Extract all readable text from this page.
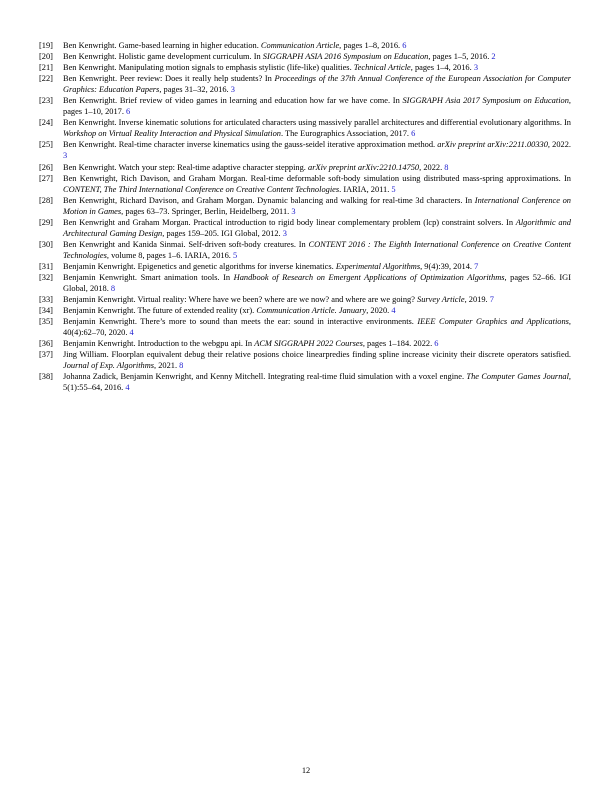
[19] Ben Kenwright. Game-based learning in higher education. Communication Article, pages 1–8, 2016. 6
[20] Ben Kenwright. Holistic game development curriculum. In SIGGRAPH ASIA 2016 Symposium on Education, pages 1–5, 2016. 2
[21] Ben Kenwright. Manipulating motion signals to emphasis stylistic (life-like) qualities. Technical Article, pages 1–4, 2016. 3
[22] Ben Kenwright. Peer review: Does it really help students? In Proceedings of the 37th Annual Conference of the European Association for Computer Graphics: Education Papers, pages 31–32, 2016. 3
[23] Ben Kenwright. Brief review of video games in learning and education how far we have come. In SIGGRAPH Asia 2017 Symposium on Education, pages 1–10, 2017. 6
[24] Ben Kenwright. Inverse kinematic solutions for articulated characters using massively parallel architectures and differential evolutionary algorithms. In Workshop on Virtual Reality Interaction and Physical Simulation. The Eurographics Association, 2017. 6
[25] Ben Kenwright. Real-time character inverse kinematics using the gauss-seidel iterative approximation method. arXiv preprint arXiv:2211.00330, 2022. 3
[26] Ben Kenwright. Watch your step: Real-time adaptive character stepping. arXiv preprint arXiv:2210.14750, 2022. 8
[27] Ben Kenwright, Rich Davison, and Graham Morgan. Real-time deformable soft-body simulation using distributed mass-spring approximations. In CONTENT, The Third International Conference on Creative Content Technologies. IARIA, 2011. 5
[28] Ben Kenwright, Richard Davison, and Graham Morgan. Dynamic balancing and walking for real-time 3d characters. In International Conference on Motion in Games, pages 63–73. Springer, Berlin, Heidelberg, 2011. 3
[29] Ben Kenwright and Graham Morgan. Practical introduction to rigid body linear complementary problem (lcp) constraint solvers. In Algorithmic and Architectural Gaming Design, pages 159–205. IGI Global, 2012. 3
[30] Ben Kenwright and Kanida Sinmai. Self-driven soft-body creatures. In CONTENT 2016 : The Eighth International Conference on Creative Content Technologies, volume 8, pages 1–6. IARIA, 2016. 5
[31] Benjamin Kenwright. Epigenetics and genetic algorithms for inverse kinematics. Experimental Algorithms, 9(4):39, 2014. 7
[32] Benjamin Kenwright. Smart animation tools. In Handbook of Research on Emergent Applications of Optimization Algorithms, pages 52–66. IGI Global, 2018. 8
[33] Benjamin Kenwright. Virtual reality: Where have we been? where are we now? and where are we going? Survey Article, 2019. 7
[34] Benjamin Kenwright. The future of extended reality (xr). Communication Article. January, 2020. 4
[35] Benjamin Kenwright. There’s more to sound than meets the ear: sound in interactive environments. IEEE Computer Graphics and Applications, 40(4):62–70, 2020. 4
[36] Benjamin Kenwright. Introduction to the webgpu api. In ACM SIGGRAPH 2022 Courses, pages 1–184. 2022. 6
[37] Jing William. Floorplan equivalent debug their relative posions choice linearpredies finding spline increase vicinity their discrete operators satisfied. Journal of Exp. Algorithms, 2021. 8
[38] Johanna Zadick, Benjamin Kenwright, and Kenny Mitchell. Integrating real-time fluid simulation with a voxel engine. The Computer Games Journal, 5(1):55–64, 2016. 4
12
